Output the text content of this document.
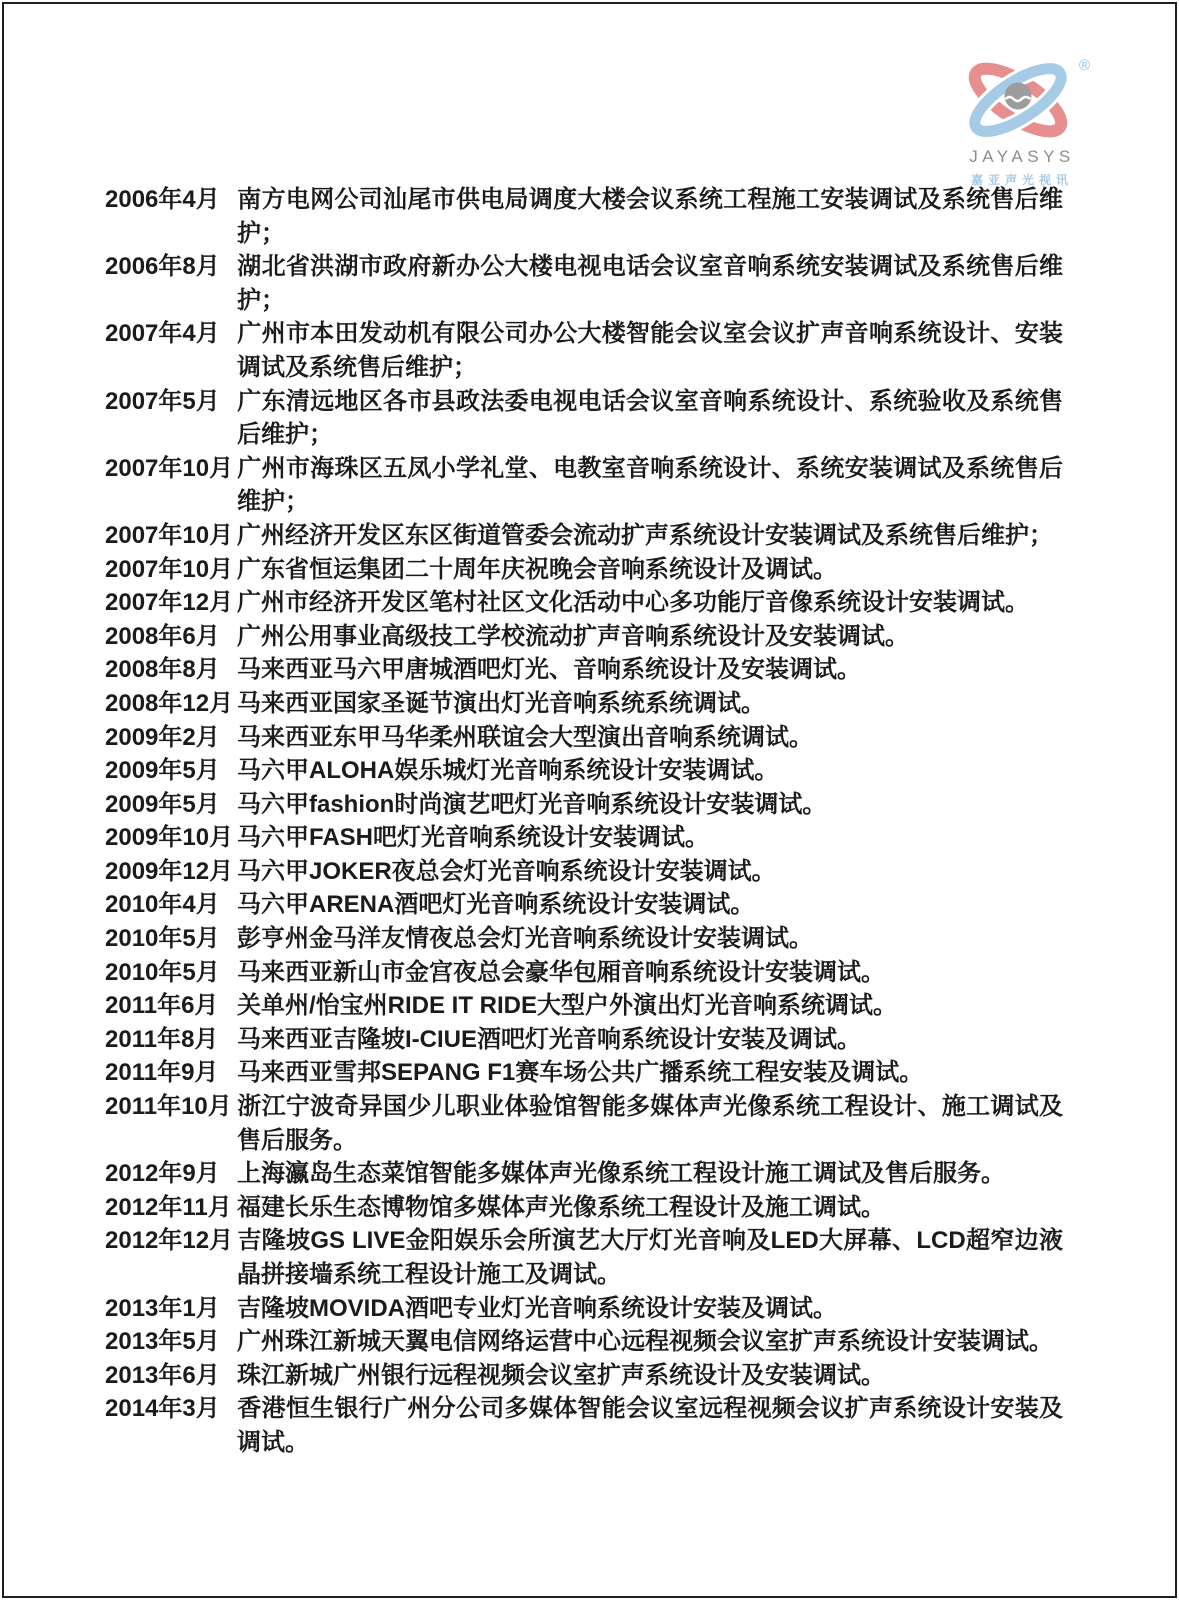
®
JAYASYS
嘉亚声光视讯
2006年4月 南方电网公司汕尾市供电局调度大楼会议系统工程施工安装调试及系统售后维护；
2006年8月 湖北省洪湖市政府新办公大楼电视电话会议室音响系统安装调试及系统售后维护；
2007年4月 广州市本田发动机有限公司办公大楼智能会议室会议扩声音响系统设计、安装调试及系统售后维护；
2007年5月 广东清远地区各市县政法委电视电话会议室音响系统设计、系统验收及系统售后维护；
2007年10月 广州市海珠区五凤小学礼堂、电教室音响系统设计、系统安装调试及系统售后维护；
2007年10月 广州经济开发区东区街道管委会流动扩声系统设计安装调试及系统售后维护；
2007年10月 广东省恒运集团二十周年庆祝晚会音响系统设计及调试。
2007年12月 广州市经济开发区笔村社区文化活动中心多功能厅音像系统设计安装调试。
2008年6月 广州公用事业高级技工学校流动扩声音响系统设计及安装调试。
2008年8月 马来西亚马六甲唐城酒吧灯光、音响系统设计及安装调试。
2008年12月 马来西亚国家圣诞节演出灯光音响系统系统调试。
2009年2月 马来西亚东甲马华柔州联谊会大型演出音响系统调试。
2009年5月 马六甲ALOHA娱乐城灯光音响系统设计安装调试。
2009年5月 马六甲fashion时尚演艺吧灯光音响系统设计安装调试。
2009年10月 马六甲FASH吧灯光音响系统设计安装调试。
2009年12月 马六甲JOKER夜总会灯光音响系统设计安装调试。
2010年4月 马六甲ARENA酒吧灯光音响系统设计安装调试。
2010年5月 彭亨州金马洋友情夜总会灯光音响系统设计安装调试。
2010年5月 马来西亚新山市金宫夜总会豪华包厢音响系统设计安装调试。
2011年6月 关单州/怡宝州RIDE IT RIDE大型户外演出灯光音响系统调试。
2011年8月 马来西亚吉隆坡I-CIUE酒吧灯光音响系统设计安装及调试。
2011年9月 马来西亚雪邦SEPANG F1赛车场公共广播系统工程安装及调试。
2011年10月 浙江宁波奇异国少儿职业体验馆智能多媒体声光像系统工程设计、施工调试及售后服务。
2012年9月 上海瀛岛生态菜馆智能多媒体声光像系统工程设计施工调试及售后服务。
2012年11月 福建长乐生态博物馆多媒体声光像系统工程设计及施工调试。
2012年12月 吉隆坡GS LIVE金阳娱乐会所演艺大厅灯光音响及LED大屏幕、LCD超窄边液晶拼接墙系统工程设计施工及调试。
2013年1月 吉隆坡MOVIDA酒吧专业灯光音响系统设计安装及调试。
2013年5月 广州珠江新城天翼电信网络运营中心远程视频会议室扩声系统设计安装调试。
2013年6月 珠江新城广州银行远程视频会议室扩声系统设计及安装调试。
2014年3月 香港恒生银行广州分公司多媒体智能会议室远程视频会议扩声系统设计安装及调试。
